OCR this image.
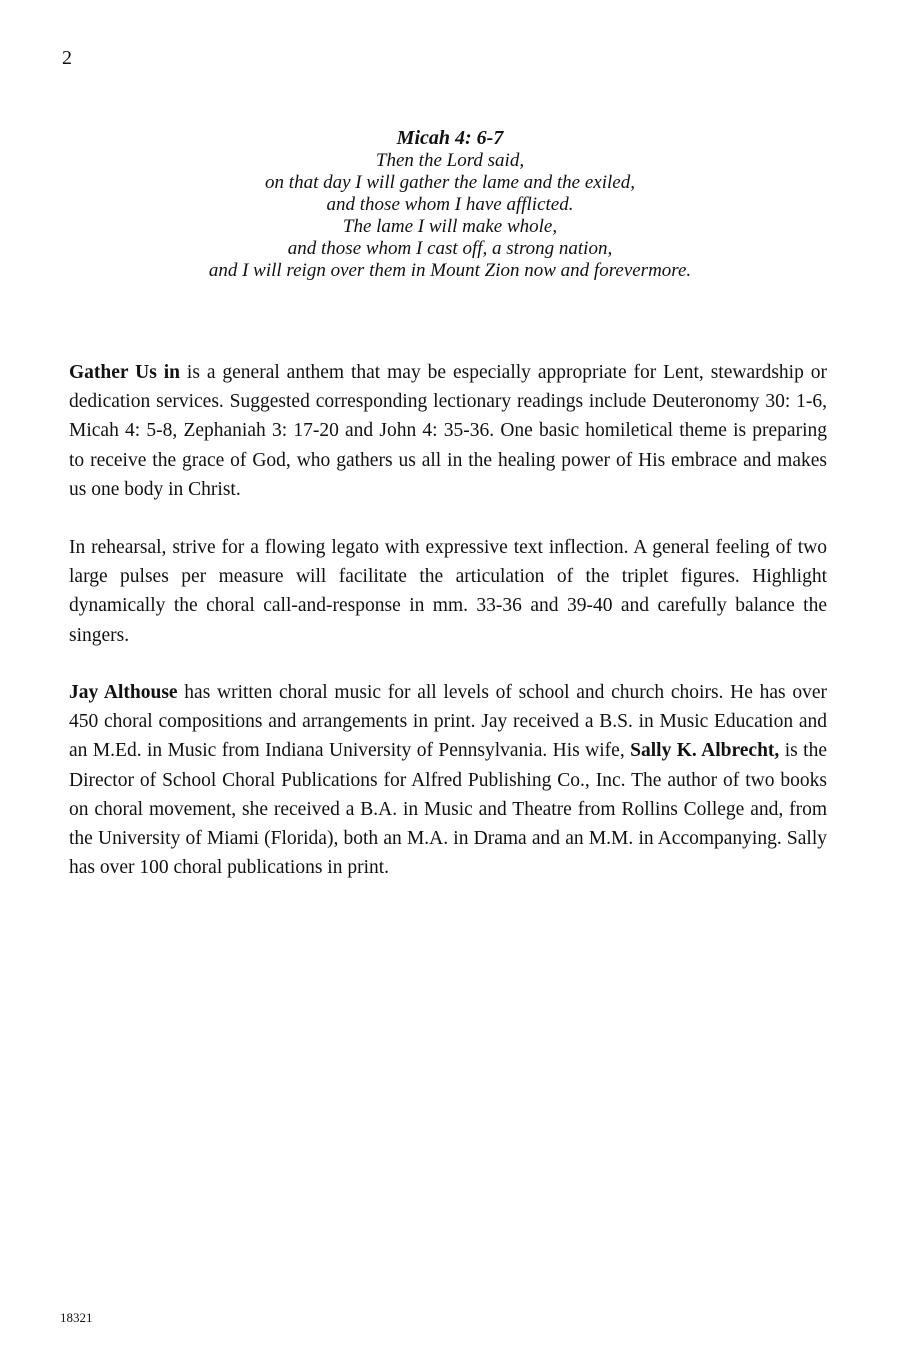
2

Micah 4: 6-7

Then the Lord said,

on that day I will gather the lame and the exiled,

and those whom I have afflicted.

The lame I will make whole,

and those whom I cast off, a strong nation,

and I will reign over them in Mount Zion now and forevermore.

Gather Us in is a general anthem that may be especially appropriate for Lent, stewardship or dedication services. Suggested corresponding lectionary readings include Deuteronomy 30: 1-6, Micah 4: 5-8, Zephaniah 3: 17-20 and John 4: 35-36. One basic homiletical theme is preparing to receive the grace of God, who gathers us all in the healing power of His embrace and makes us one body in Christ.

In rehearsal, strive for a flowing legato with expressive text inflection. A general feeling of two large pulses per measure will facilitate the articulation of the triplet figures. Highlight dynamically the choral call-and-response in mm. 33-36 and 39-40 and carefully balance the singers.

Jay Althouse has written choral music for all levels of school and church choirs. He has over 450 choral compositions and arrangements in print. Jay received a B.S. in Music Education and an M.Ed. in Music from Indiana University of Pennsylvania. His wife, Sally K. Albrecht, is the Director of School Choral Publications for Alfred Publishing Co., Inc. The author of two books on choral movement, she received a B.A. in Music and Theatre from Rollins College and, from the University of Miami (Florida), both an M.A. in Drama and an M.M. in Accompanying. Sally has over 100 choral publications in print.

18321
